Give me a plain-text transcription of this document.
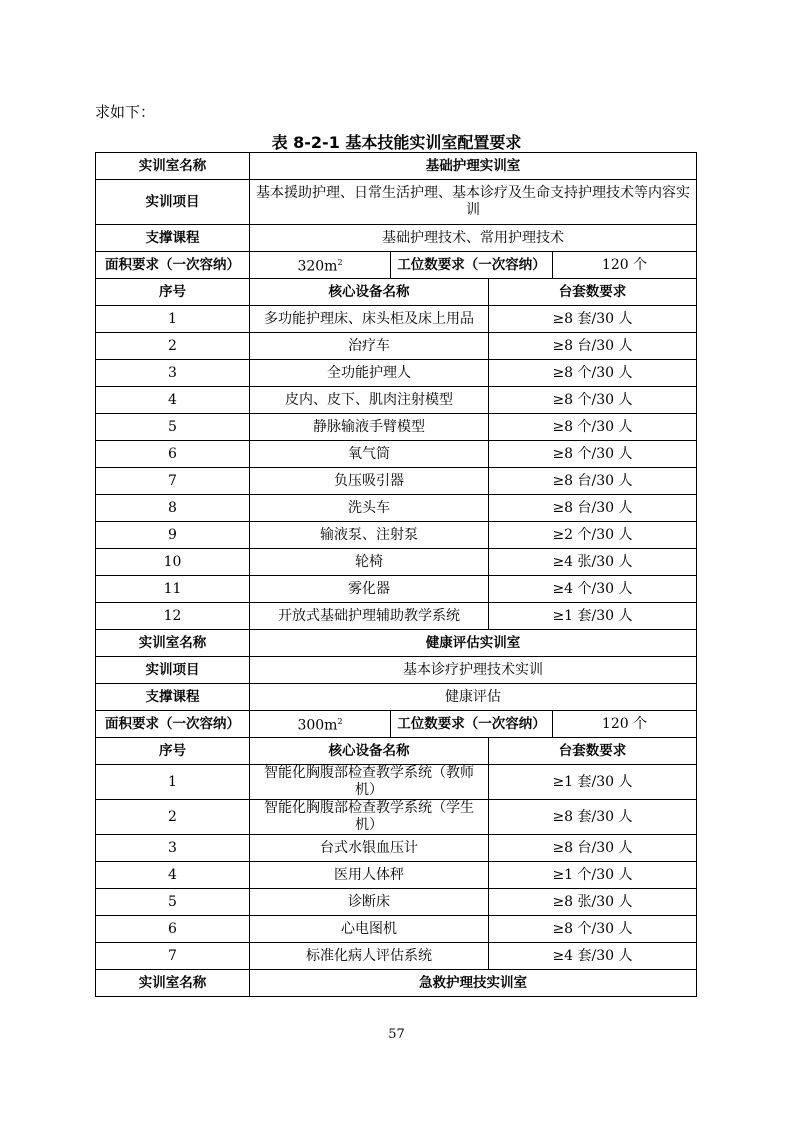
求如下：
表 8-2-1 基本技能实训室配置要求
实训室名称	基础护理实训室			
实训项目	基本援助护理、日常生活护理、基本诊疗及生命支持护理技术等内容实训			
支撑课程	基础护理技术、常用护理技术			
面积要求（一次容纳）	$320m^2$	工位数要求（一次容纳）		120 个
序号	核心设备名称		台套数要求	
1	多功能护理床、床头柜及床上用品		≥8 套/30 人	
2	治疗车		≥8 台/30 人	
3	全功能护理人		≥8 个/30 人	
4	皮内、皮下、肌肉注射模型		≥8 个/30 人	
5	静脉输液手臂模型		≥8 个/30 人	
6	氧气筒		≥8 个/30 人	
7	负压吸引器		≥8 台/30 人	
8	洗头车		≥8 台/30 人	
9	输液泵、注射泵		≥2 个/30 人	
10	轮椅		≥4 张/30 人	
11	雾化器		≥4 个/30 人	
12	开放式基础护理辅助教学系统		≥1 套/30 人	
实训室名称	健康评估实训室			
实训项目	基本诊疗护理技术实训			
支撑课程	健康评估			
面积要求（一次容纳）	$300m^2$	工位数要求（一次容纳）		120 个
序号	核心设备名称		台套数要求	
1	智能化胸腹部检查教学系统（教师机）		≥1 套/30 人	
2	智能化胸腹部检查教学系统（学生机）		≥8 套/30 人	
3	台式水银血压计		≥8 台/30 人	
4	医用人体秤		≥1 个/30 人	
5	诊断床		≥8 张/30 人	
6	心电图机		≥8 个/30 人	
7	标准化病人评估系统		≥4 套/30 人	
实训室名称	急救护理技实训室			
57
